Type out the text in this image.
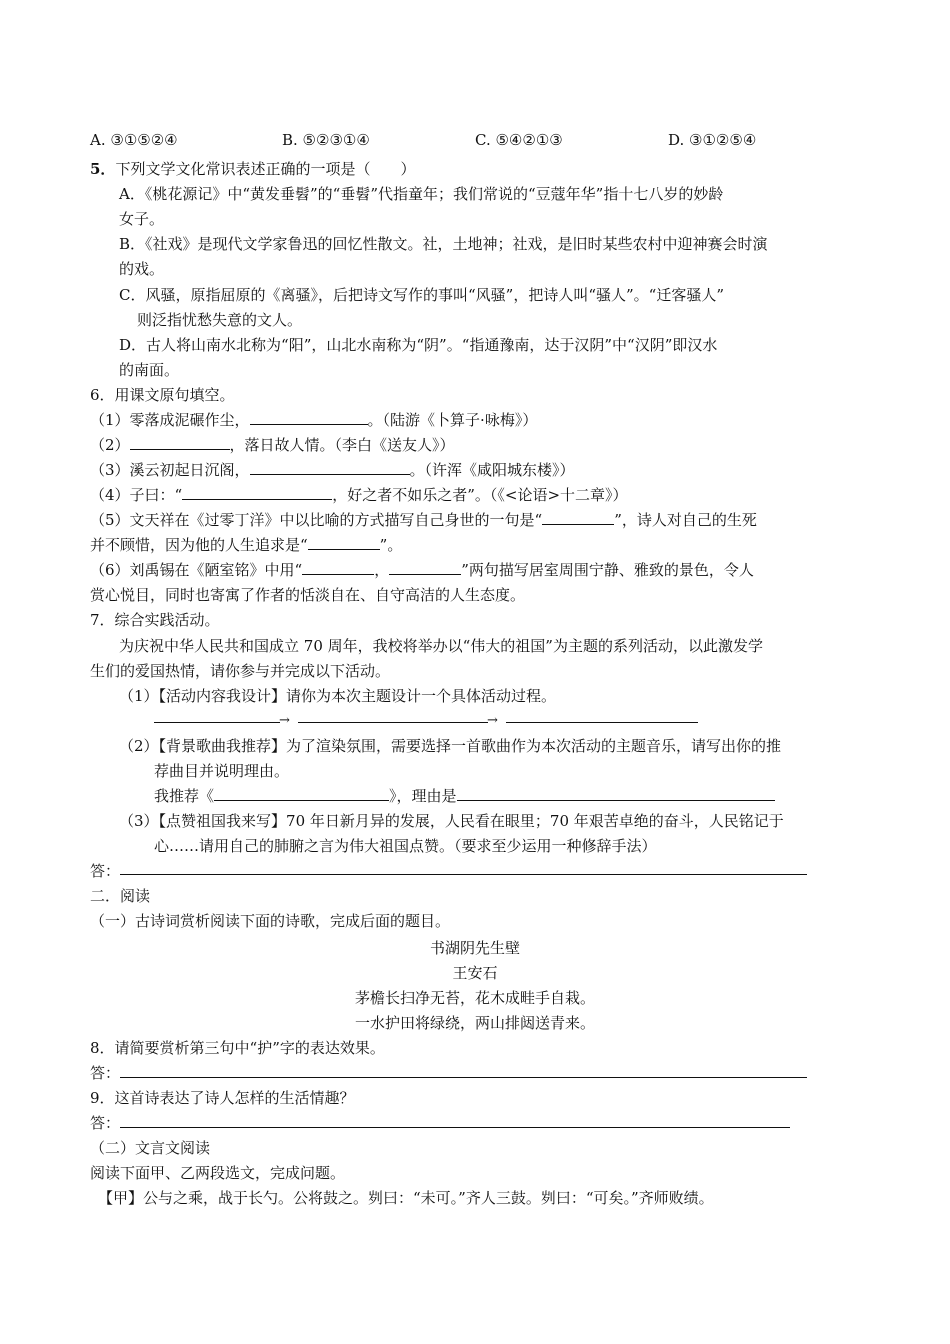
A. ③①⑤②④	B. ⑤②③①④	C. ⑤④②①③	D. ③①②⑤④
5．下列文学文化常识表述正确的一项是（　　）
A．《桃花源记》中“黄发垂髫”的“垂髫”代指童年；我们常说的“豆蔻年华”指十七八岁的妙龄
女子。
B．《社戏》是现代文学家鲁迅的回忆性散文。社，土地神；社戏，是旧时某些农村中迎神赛会时演
的戏。
C．风骚，原指屈原的《离骚》，后把诗文写作的事叫“风骚”，把诗人叫“骚人”。“迁客骚人”
则泛指忧愁失意的文人。
D．古人将山南水北称为“阳”，山北水南称为“阴”。“指通豫南，达于汉阴”中“汉阴”即汉水
的南面。
6．用课文原句填空。
（1）零落成泥碾作尘，	。（陆游《卜算子·咏梅》）
（2）	，落日故人情。（李白《送友人》）
（3）溪云初起日沉阁，	。（许浑《咸阳城东楼》）
（4）子曰：“	，好之者不如乐之者”。（《<论语>十二章》）
（5）文天祥在《过零丁洋》中以比喻的方式描写自己身世的一句是“	”，诗人对自己的生死
并不顾惜，因为他的人生追求是“	”。
（6）刘禹锡在《陋室铭》中用“	，	”两句描写居室周围宁静、雅致的景色，令人
赏心悦目，同时也寄寓了作者的恬淡自在、自守高洁的人生态度。
7．综合实践活动。
为庆祝中华人民共和国成立 70 周年，我校将举办以“伟大的祖国”为主题的系列活动，以此激发学
生们的爱国热情，请你参与并完成以下活动。
（1）【活动内容我设计】请你为本次主题设计一个具体活动过程。
→	→
（2）【背景歌曲我推荐】为了渲染氛围，需要选择一首歌曲作为本次活动的主题音乐，请写出你的推
荐曲目并说明理由。
我推荐《	》，理由是
（3）【点赞祖国我来写】70 年日新月异的发展，人民看在眼里；70 年艰苦卓绝的奋斗，人民铭记于
心……请用自己的肺腑之言为伟大祖国点赞。（要求至少运用一种修辞手法）
答：
二．阅读
（一）古诗词赏析阅读下面的诗歌，完成后面的题目。
书湖阴先生壁
王安石
茅檐长扫净无苔，花木成畦手自栽。
一水护田将绿绕，两山排闼送青来。
8．请简要赏析第三句中“护”字的表达效果。
答：
9．这首诗表达了诗人怎样的生活情趣？
答：
（二）文言文阅读
阅读下面甲、乙两段选文，完成问题。
【甲】公与之乘，战于长勺。公将鼓之。刿曰：“未可。”齐人三鼓。刿曰：“可矣。”齐师败绩。
